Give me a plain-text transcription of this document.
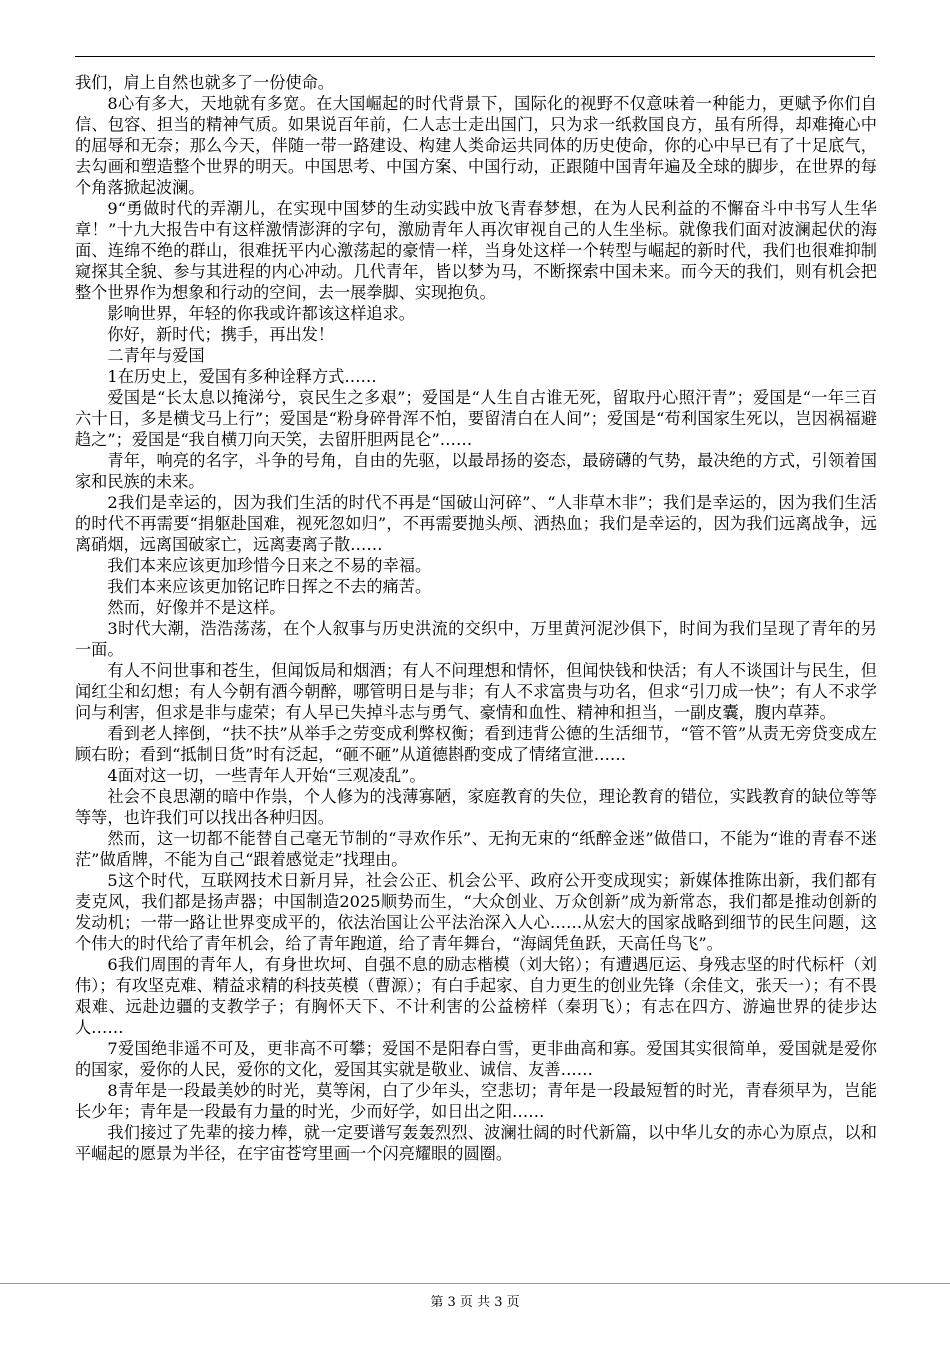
我们，肩上自然也就多了一份使命。

8心有多大，天地就有多宽。在大国崛起的时代背景下，国际化的视野不仅意味着一种能力，更赋予你们自信、包容、担当的精神气质。如果说百年前，仁人志士走出国门，只为求一纸救国良方，虽有所得，却难掩心中的屈辱和无奈；那么今天，伴随一带一路建设、构建人类命运共同体的历史使命，你的心中早已有了十足底气，去勾画和塑造整个世界的明天。中国思考、中国方案、中国行动，正跟随中国青年遍及全球的脚步，在世界的每个角落掀起波澜。

9“勇做时代的弄潮儿，在实现中国梦的生动实践中放飞青春梦想，在为人民利益的不懈奋斗中书写人生华章！”十九大报告中有这样激情澎湃的字句，激励青年人再次审视自己的人生坐标。就像我们面对波澜起伏的海面、连绵不绝的群山，很难抚平内心激荡起的豪情一样，当身处这样一个转型与崛起的新时代，我们也很难抑制窥探其全貌、参与其进程的内心冲动。几代青年，皆以梦为马，不断探索中国未来。而今天的我们，则有机会把整个世界作为想象和行动的空间，去一展拳脚、实现抱负。

影响世界，年轻的你我或许都该这样追求。

你好，新时代；携手，再出发！

二青年与爱国

1在历史上，爱国有多种诠释方式……

爱国是“长太息以掩涕兮，哀民生之多艰”；爱国是“人生自古谁无死，留取丹心照汗青”；爱国是“一年三百六十日，多是横戈马上行”；爱国是“粉身碎骨浑不怕，要留清白在人间”；爱国是“苟利国家生死以，岂因祸福避趋之”；爱国是“我自横刀向天笑，去留肝胆两昆仑”……

青年，响亮的名字，斗争的号角，自由的先驱，以最昂扬的姿态，最磅礴的气势，最决绝的方式，引领着国家和民族的未来。

2我们是幸运的，因为我们生活的时代不再是“国破山河碎”、“人非草木非”；我们是幸运的，因为我们生活的时代不再需要“捐躯赴国难，视死忽如归”，不再需要抛头颅、洒热血；我们是幸运的，因为我们远离战争，远离硝烟，远离国破家亡，远离妻离子散……

我们本来应该更加珍惜今日来之不易的幸福。

我们本来应该更加铭记昨日挥之不去的痛苦。

然而，好像并不是这样。

3时代大潮，浩浩荡荡，在个人叙事与历史洪流的交织中，万里黄河泥沙俱下，时间为我们呈现了青年的另一面。

有人不问世事和苍生，但闻饭局和烟酒；有人不问理想和情怀，但闻快钱和快活；有人不谈国计与民生，但闻红尘和幻想；有人今朝有酒今朝醉，哪管明日是与非；有人不求富贵与功名，但求“引刀成一快”；有人不求学问与利害，但求是非与虚荣；有人早已失掉斗志与勇气、豪情和血性、精神和担当，一副皮囊，腹内草莽。

看到老人摔倒，“扶不扶”从举手之劳变成利弊权衡；看到违背公德的生活细节，“管不管”从责无旁贷变成左顾右盼；看到“抵制日货”时有泛起，“砸不砸”从道德斟酌变成了情绪宣泄……

4面对这一切，一些青年人开始“三观凌乱”。

社会不良思潮的暗中作祟，个人修为的浅薄寡陋，家庭教育的失位，理论教育的错位，实践教育的缺位等等等等，也许我们可以找出各种归因。

然而，这一切都不能替自己毫无节制的“寻欢作乐”、无拘无束的“纸醉金迷”做借口，不能为“谁的青春不迷茫”做盾牌，不能为自己“跟着感觉走”找理由。

5这个时代，互联网技术日新月异，社会公正、机会公平、政府公开变成现实；新媒体推陈出新，我们都有麦克风，我们都是扬声器；中国制造2025顺势而生，“大众创业、万众创新”成为新常态，我们都是推动创新的发动机；一带一路让世界变成平的，依法治国让公平法治深入人心……从宏大的国家战略到细节的民生问题，这个伟大的时代给了青年机会，给了青年跑道，给了青年舞台，“海阔凭鱼跃，天高任鸟飞”。

6我们周围的青年人，有身世坎坷、自强不息的励志楷模（刘大铭）；有遭遇厄运、身残志坚的时代标杆（刘伟）；有攻坚克难、精益求精的科技英模（曹源）；有白手起家、自力更生的创业先锋（余佳文，张天一）；有不畏艰难、远赴边疆的支教学子；有胸怀天下、不计利害的公益榜样（秦玥飞）；有志在四方、游遍世界的徒步达人……

7爱国绝非遥不可及，更非高不可攀；爱国不是阳春白雪，更非曲高和寡。爱国其实很简单，爱国就是爱你的国家，爱你的人民，爱你的文化，爱国其实就是敬业、诚信、友善……

8青年是一段最美妙的时光，莫等闲，白了少年头，空悲切；青年是一段最短暂的时光，青春须早为，岂能长少年；青年是一段最有力量的时光，少而好学，如日出之阳……

我们接过了先辈的接力棒，就一定要谱写轰轰烈烈、波澜壮阔的时代新篇，以中华儿女的赤心为原点，以和平崛起的愿景为半径，在宇宙苍穹里画一个闪亮耀眼的圆圈。

第 3 页 共 3 页
